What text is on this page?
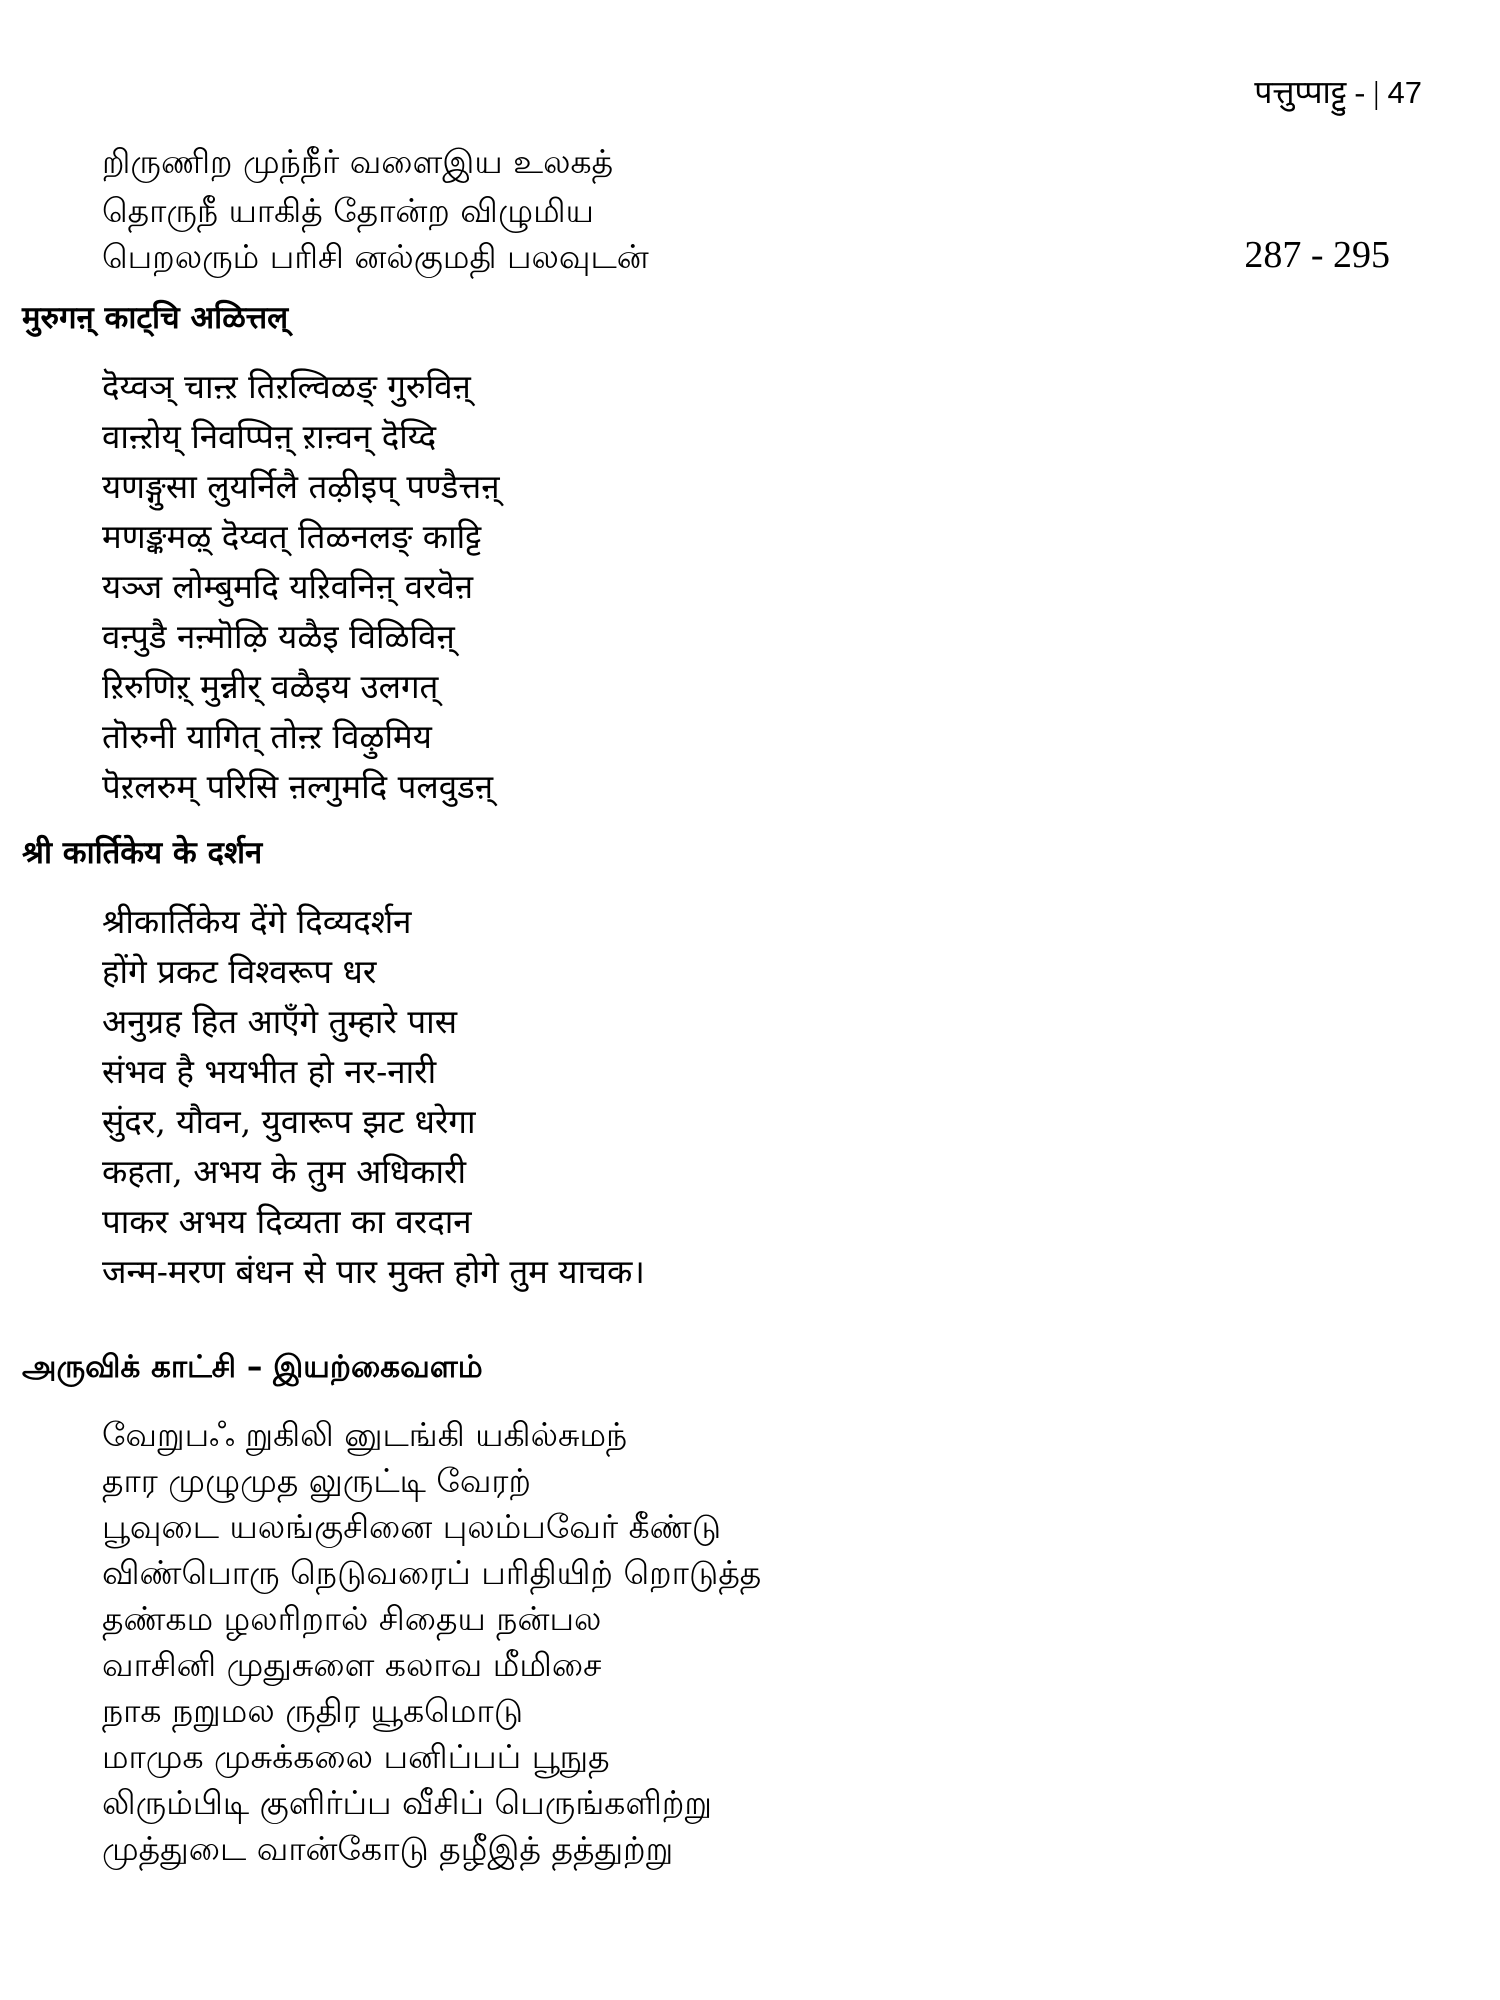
पत्तुप्पाट्टु - | 47

றிருணிற முந்நீர் வளைஇய உலகத்

தொருநீ யாகித் தோன்ற விழுமிய

பெறலரும் பரிசி னல்குமதி பலவுடன்	287 - 295
मुरुगऩ् काट्चि अळित्तल्

दॆय्वञ् चाऩ्ऱ तिऱल्विळङ् गुरुविऩ्

वाऩ्ऱोय् निवप्पिऩ् ऱाऩ्वन् दॆय्दि

यणङ्गुसा लुयर्निलै तऴीइप् पण्डैत्तऩ्

मणङ्कमऴ् दॆय्वत् तिळनलङ् काट्टि

यञ्ज लोम्बुमदि यऱिवनिऩ् वरवॆऩ

वऩ्पुडै नऩ्मॊऴि यळैइ विळिविऩ्

ऱिरुणिऱ् मुन्नीर् वळैइय उलगत्

तॊरुनी यागित् तोऩ्ऱ विऴुमिय

पॆऱलरुम् परिसि ऩल्गुमदि पलवुडऩ्

श्री कार्तिकेय के दर्शन

श्रीकार्तिकेय देंगे दिव्यदर्शन

होंगे प्रकट विश्वरूप धर

अनुग्रह हित आएँगे तुम्हारे पास

संभव है भयभीत हो नर-नारी

सुंदर, यौवन, युवारूप झट धरेगा

कहता, अभय के तुम अधिकारी

पाकर अभय दिव्यता का वरदान

जन्म-मरण बंधन से पार मुक्त होगे तुम याचक।

அருவிக் காட்சி – இயற்கைவளம்

வேறுபஃ றுகிலி னுடங்கி யகில்சுமந்

தார முழுமுத லுருட்டி வேரற்

பூவுடை யலங்குசினை புலம்பவேர் கீண்டு

விண்பொரு நெடுவரைப் பரிதியிற் றொடுத்த

தண்கம ழலரிறால் சிதைய நன்பல

வாசினி முதுசுளை கலாவ மீமிசை

நாக நறுமல ருதிர யூகமொடு

மாமுக முசுக்கலை பனிப்பப் பூநுத

லிரும்பிடி குளிர்ப்ப வீசிப் பெருங்களிற்று

முத்துடை வான்கோடு தழீஇத் தத்துற்று
